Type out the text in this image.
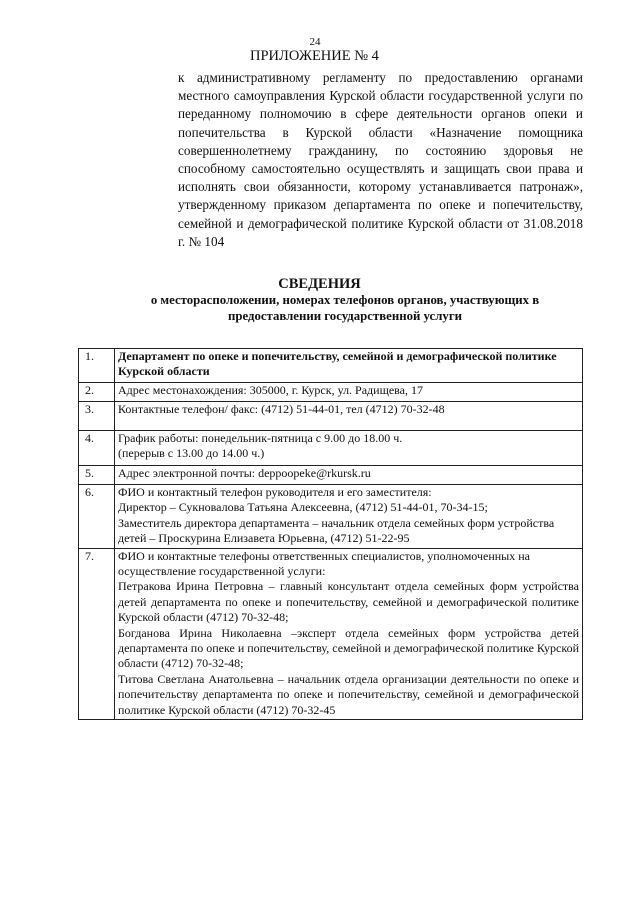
24
ПРИЛОЖЕНИЕ № 4
к административному регламенту по предоставлению органами местного самоуправления Курской области государственной услуги по переданному полномочию в сфере деятельности органов опеки и попечительства в Курской области «Назначение помощника совершеннолетнему гражданину, по состоянию здоровья не способному самостоятельно осуществлять и защищать свои права и исполнять свои обязанности, которому устанавливается патронаж», утвержденному приказом департамента по опеке и попечительству, семейной и демографической политике Курской области от 31.08.2018 г. № 104
СВЕДЕНИЯ
о месторасположении, номерах телефонов органов, участвующих в предоставлении государственной услуги
1.	Департамент по опеке и попечительству, семейной и демографической политике Курской области

2.	Адрес местонахождения: 305000, г. Курск, ул. Радищева, 17

3.	Контактные телефон/ факс: (4712) 51-44-01, тел (4712) 70-32-48

4.	График работы: понедельник-пятница с 9.00 до 18.00 ч.
(перерыв с 13.00 до 14.00 ч.)

5.	Адрес электронной почты: deppoopeke@rkursk.ru

6.	ФИО и контактный телефон руководителя и его заместителя:
Директор – Сукновалова Татьяна Алексеевна, (4712) 51-44-01, 70-34-15;
Заместитель директора департамента – начальник отдела семейных форм устройства детей – Проскурина Елизавета Юрьевна, (4712) 51-22-95

7.	ФИО и контактные телефоны ответственных специалистов, уполномоченных на осуществление государственной услуги:
Петракова Ирина Петровна – главный консультант отдела семейных форм устройства детей департамента по опеке и попечительству, семейной и демографической политике Курской области (4712) 70-32-48;
Богданова Ирина Николаевна –эксперт отдела семейных форм устройства детей департамента по опеке и попечительству, семейной и демографической политике Курской области (4712) 70-32-48;
Титова Светлана Анатольевна – начальник отдела организации деятельности по опеке и попечительству департамента по опеке и попечительству, семейной и демографической политике Курской области (4712) 70-32-45
